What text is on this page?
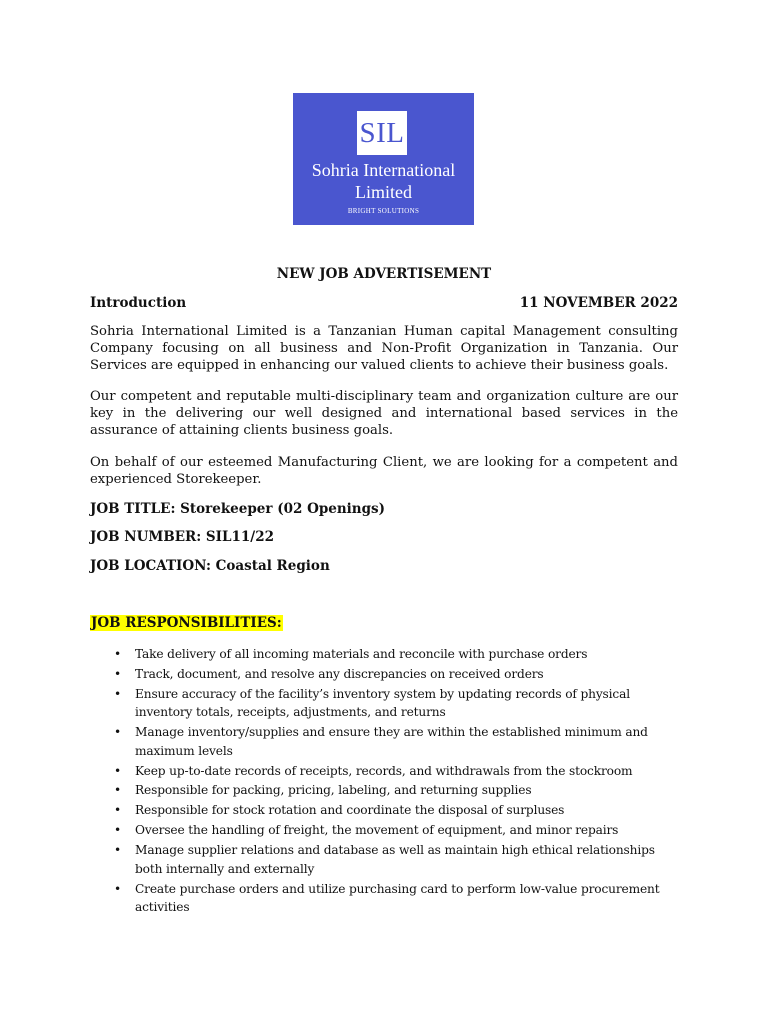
SIL
Sohria International
Limited
BRIGHT SOLUTIONS
NEW JOB ADVERTISEMENT
Introduction	11 NOVEMBER 2022
Sohria International Limited is a Tanzanian Human capital Management consulting Company focusing on all business and Non-Profit Organization in Tanzania. Our Services are equipped in enhancing our valued clients to achieve their business goals.
Our competent and reputable multi-disciplinary team and organization culture are our key in the delivering our well designed and international based services in the assurance of attaining clients business goals.
On behalf of our esteemed Manufacturing Client, we are looking for a competent and experienced Storekeeper.
JOB TITLE: Storekeeper (02 Openings)
JOB NUMBER: SIL11/22
JOB LOCATION: Coastal Region
JOB RESPONSIBILITIES:
• Take delivery of all incoming materials and reconcile with purchase orders
• Track, document, and resolve any discrepancies on received orders
• Ensure accuracy of the facility’s inventory system by updating records of physical inventory totals, receipts, adjustments, and returns
• Manage inventory/supplies and ensure they are within the established minimum and maximum levels
• Keep up-to-date records of receipts, records, and withdrawals from the stockroom
• Responsible for packing, pricing, labeling, and returning supplies
• Responsible for stock rotation and coordinate the disposal of surpluses
• Oversee the handling of freight, the movement of equipment, and minor repairs
• Manage supplier relations and database as well as maintain high ethical relationships both internally and externally
• Create purchase orders and utilize purchasing card to perform low-value procurement activities
